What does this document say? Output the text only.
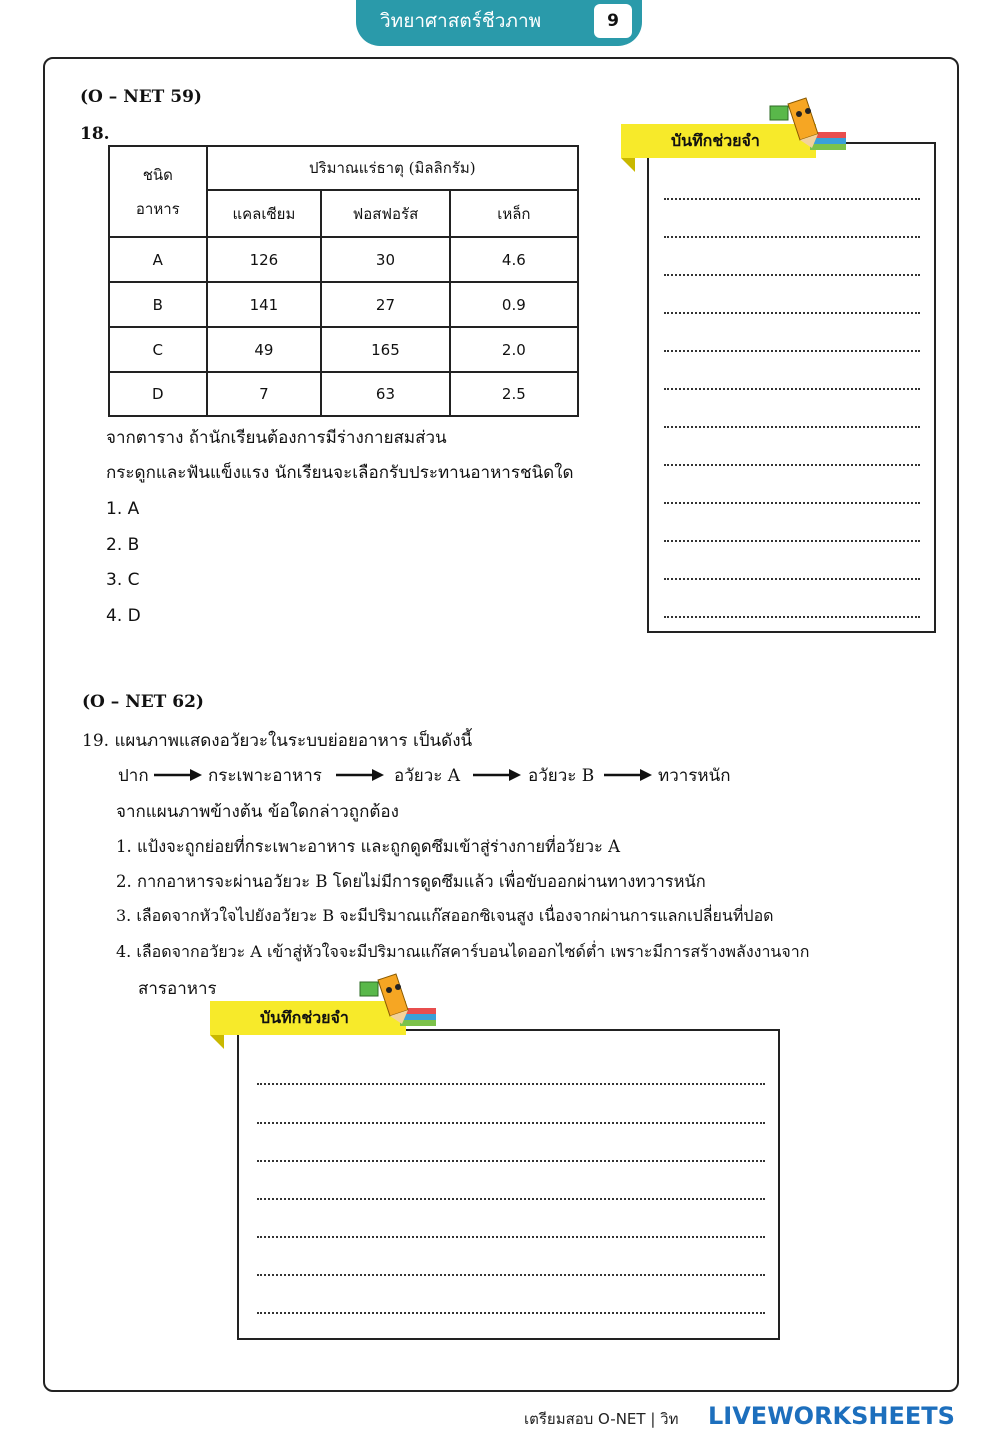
วิทยาศาสตร์ชีวภาพ	9
(O – NET 59)
18.
ชนิด
อาหาร	ปริมาณแร่ธาตุ (มิลลิกรัม)		
	แคลเซียม	ฟอสฟอรัส	เหล็ก
A	126	30	4.6
B	141	27	0.9
C	49	165	2.0
D	7	63	2.5
จากตาราง ถ้านักเรียนต้องการมีร่างกายสมส่วน
กระดูกและฟันแข็งแรง นักเรียนจะเลือกรับประทานอาหารชนิดใด
1. A
2. B
3. C
4. D
บันทึกช่วยจำ
(O – NET 62)
19. แผนภาพแสดงอวัยวะในระบบย่อยอาหาร เป็นดังนี้
ปาก	กระเพาะอาหาร	อวัยวะ A	อวัยวะ B	ทวารหนัก
จากแผนภาพข้างต้น ข้อใดกล่าวถูกต้อง
1. แป้งจะถูกย่อยที่กระเพาะอาหาร และถูกดูดซึมเข้าสู่ร่างกายที่อวัยวะ A
2. กากอาหารจะผ่านอวัยวะ B โดยไม่มีการดูดซึมแล้ว เพื่อขับออกผ่านทางทวารหนัก
3. เลือดจากหัวใจไปยังอวัยวะ B จะมีปริมาณแก๊สออกซิเจนสูง เนื่องจากผ่านการแลกเปลี่ยนที่ปอด
4. เลือดจากอวัยวะ A เข้าสู่หัวใจจะมีปริมาณแก๊สคาร์บอนไดออกไซด์ต่ำ เพราะมีการสร้างพลังงานจาก
สารอาหาร
บันทึกช่วยจำ
เตรียมสอบ O-NET | วิท LIVEWORKSHEETS
